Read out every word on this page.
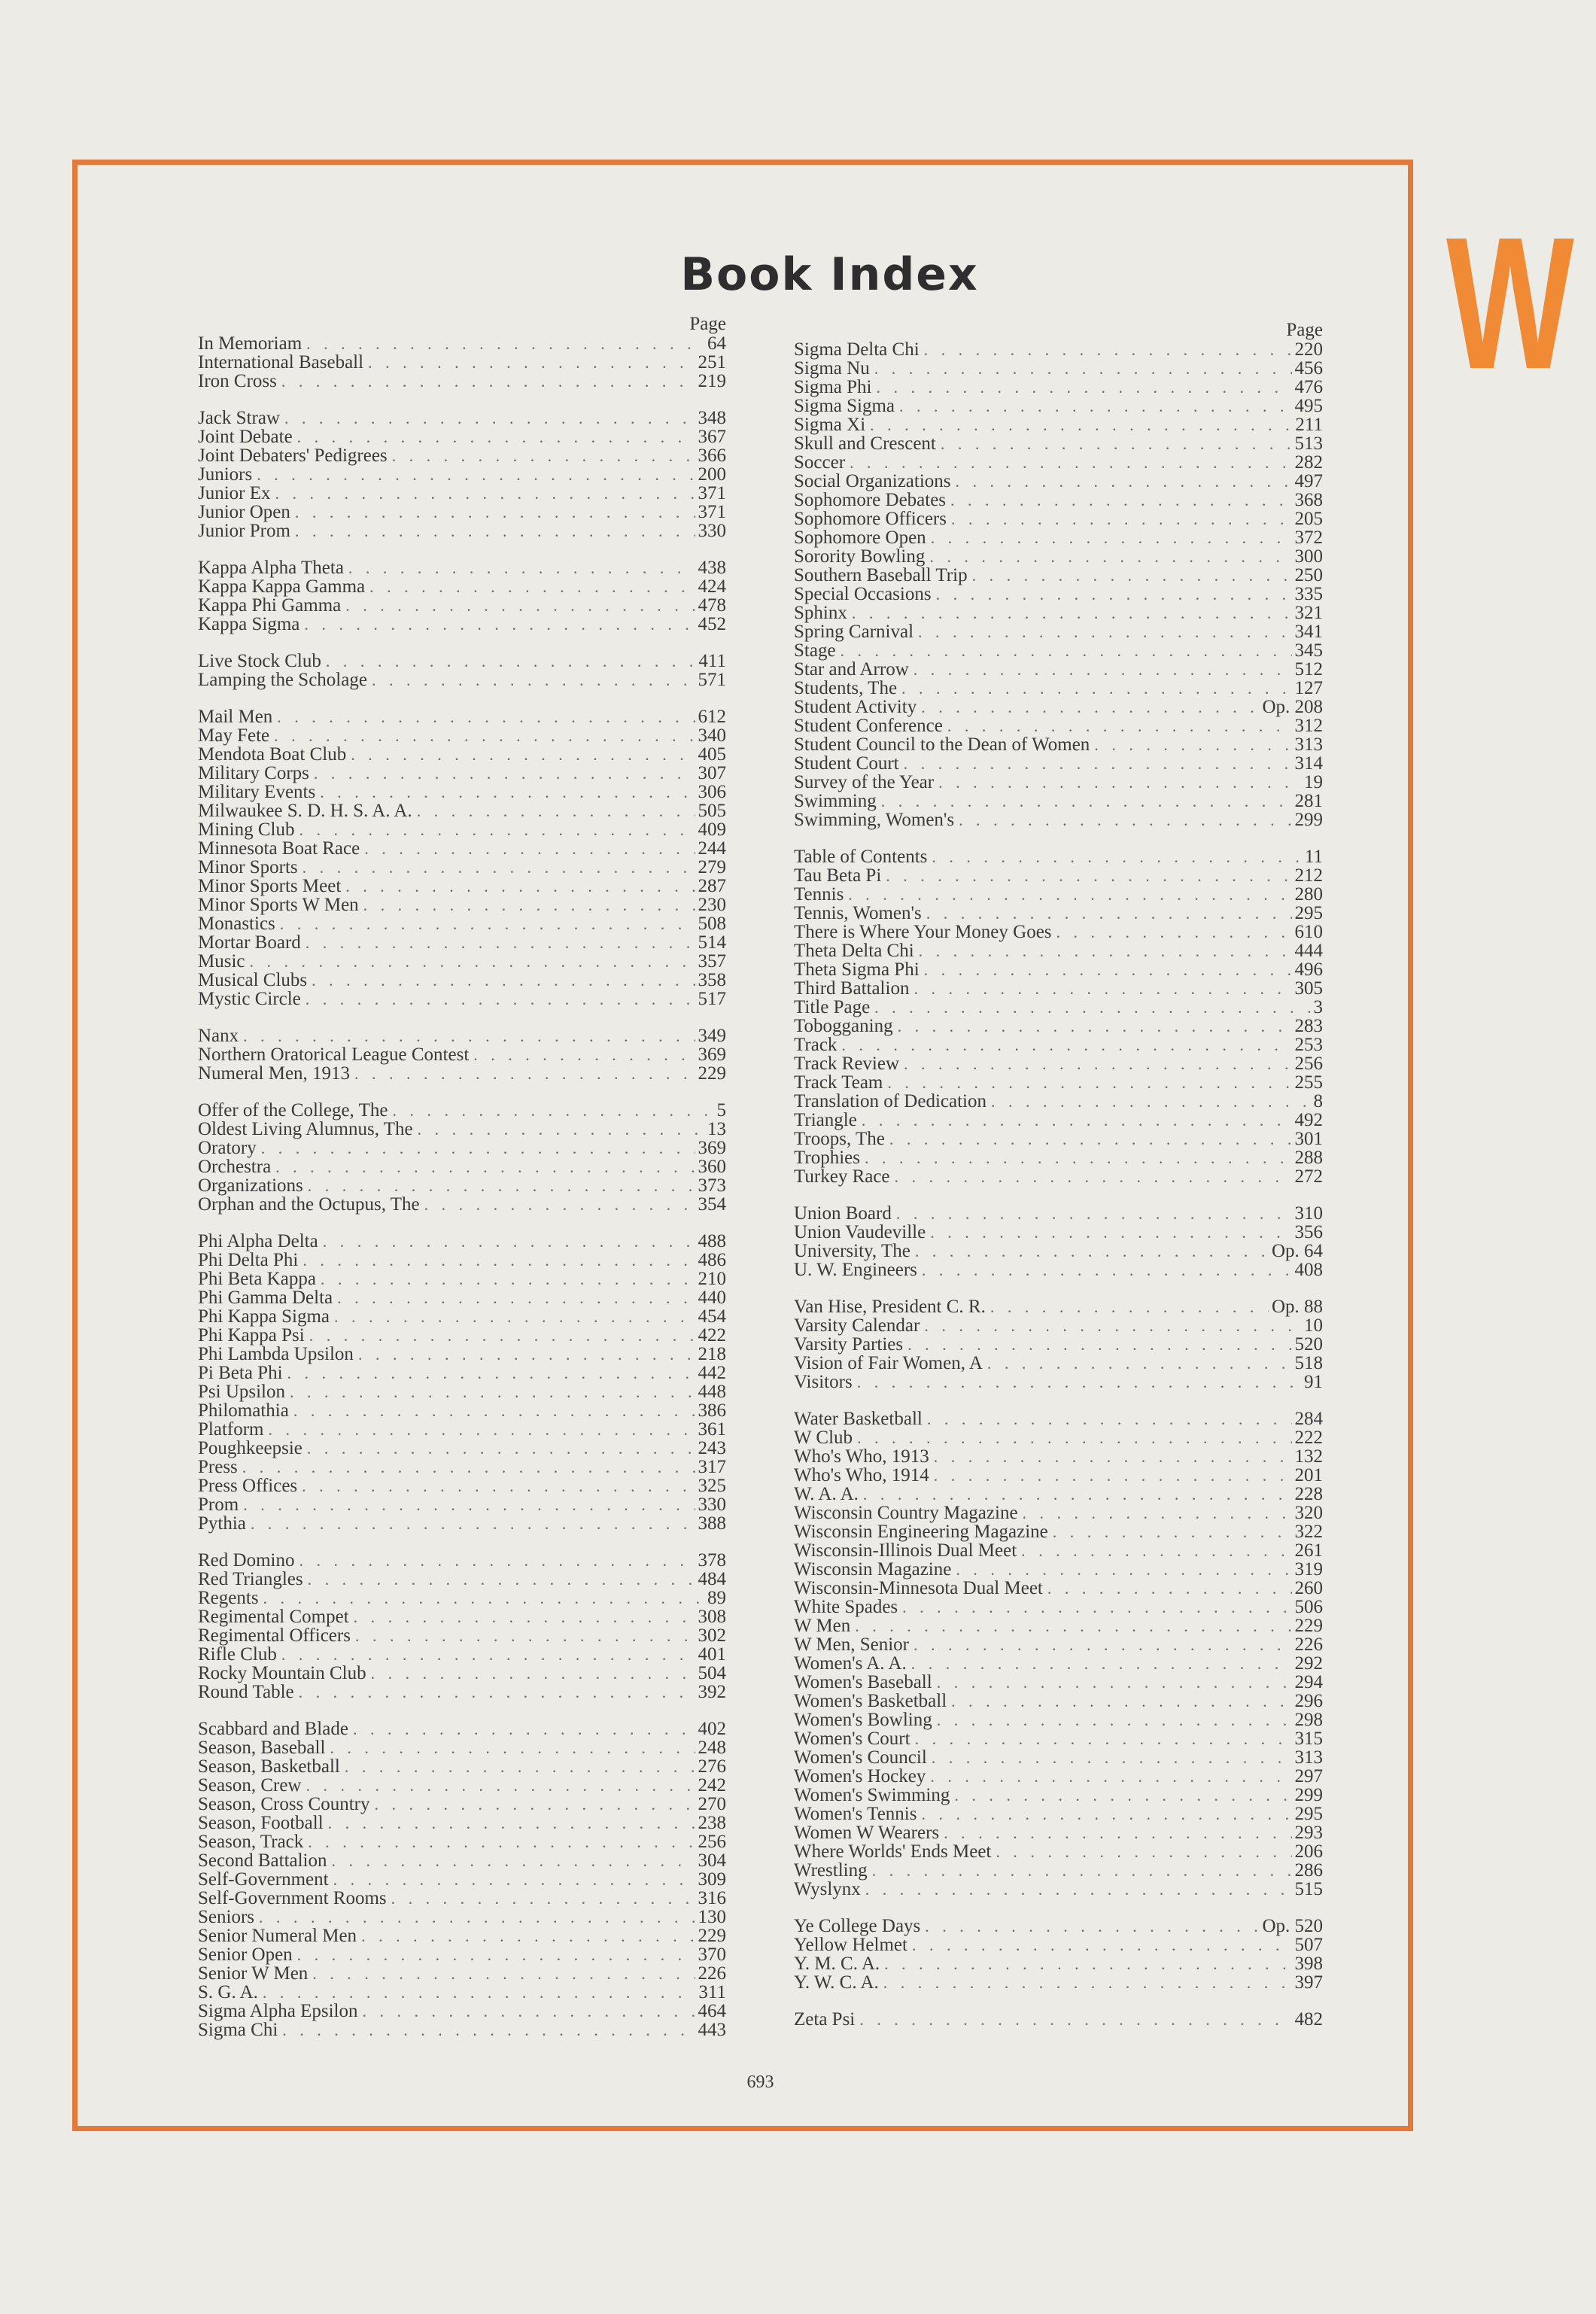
W
Book Index
Page
In Memoriam . . .	64
International Baseball . . .	251
Iron Cross . . .	219
Jack Straw . . .	348
Joint Debate . . .	367
Joint Debaters' Pedigrees . . .	366
Juniors . . .	200
Junior Ex . . .	371
Junior Open . . .	371
Junior Prom . . .	330
Kappa Alpha Theta . . .	438
Kappa Kappa Gamma . . .	424
Kappa Phi Gamma . . .	478
Kappa Sigma . . .	452
Live Stock Club . . .	411
Lamping the Scholage . . .	571
Mail Men . . .	612
May Fete . . .	340
Mendota Boat Club . . .	405
Military Corps . . .	307
Military Events . . .	306
Milwaukee S. D. H. S. A. A. . . .	505
Mining Club . . .	409
Minnesota Boat Race . . .	244
Minor Sports . . .	279
Minor Sports Meet . . .	287
Minor Sports W Men . . .	230
Monastics . . .	508
Mortar Board . . .	514
Music . . .	357
Musical Clubs . . .	358
Mystic Circle . . .	517
Nanx . . .	349
Northern Oratorical League Contest . . .	369
Numeral Men, 1913 . . .	229
Offer of the College, The . . .	5
Oldest Living Alumnus, The . . .	13
Oratory . . .	369
Orchestra . . .	360
Organizations . . .	373
Orphan and the Octupus, The . . .	354
Phi Alpha Delta . . .	488
Phi Delta Phi . . .	486
Phi Beta Kappa . . .	210
Phi Gamma Delta . . .	440
Phi Kappa Sigma . . .	454
Phi Kappa Psi . . .	422
Phi Lambda Upsilon . . .	218
Pi Beta Phi . . .	442
Psi Upsilon . . .	448
Philomathia . . .	386
Platform . . .	361
Poughkeepsie . . .	243
Press . . .	317
Press Offices . . .	325
Prom . . .	330
Pythia . . .	388
Red Domino . . .	378
Red Triangles . . .	484
Regents . . .	89
Regimental Compet . . .	308
Regimental Officers . . .	302
Rifle Club . . .	401
Rocky Mountain Club . . .	504
Round Table . . .	392
Scabbard and Blade . . .	402
Season, Baseball . . .	248
Season, Basketball . . .	276
Season, Crew . . .	242
Season, Cross Country . . .	270
Season, Football . . .	238
Season, Track . . .	256
Second Battalion . . .	304
Self-Government . . .	309
Self-Government Rooms . . .	316
Seniors . . .	130
Senior Numeral Men . . .	229
Senior Open . . .	370
Senior W Men . . .	226
S. G. A. . . .	311
Sigma Alpha Epsilon . . .	464
Sigma Chi . . .	443
Page
Sigma Delta Chi . . .	220
Sigma Nu . . .	456
Sigma Phi . . .	476
Sigma Sigma . . .	495
Sigma Xi . . .	211
Skull and Crescent . . .	513
Soccer . . .	282
Social Organizations . . .	497
Sophomore Debates . . .	368
Sophomore Officers . . .	205
Sophomore Open . . .	372
Sorority Bowling . . .	300
Southern Baseball Trip . . .	250
Special Occasions . . .	335
Sphinx . . .	321
Spring Carnival . . .	341
Stage . . .	345
Star and Arrow . . .	512
Students, The . . .	127
Student Activity . . .	Op. 208
Student Conference . . .	312
Student Council to the Dean of Women . . .	313
Student Court . . .	314
Survey of the Year . . .	19
Swimming . . .	281
Swimming, Women's . . .	299
Table of Contents . . .	11
Tau Beta Pi . . .	212
Tennis . . .	280
Tennis, Women's . . .	295
There is Where Your Money Goes . . .	610
Theta Delta Chi . . .	444
Theta Sigma Phi . . .	496
Third Battalion . . .	305
Title Page . . .	3
Tobogganing . . .	283
Track . . .	253
Track Review . . .	256
Track Team . . .	255
Translation of Dedication . . .	8
Triangle . . .	492
Troops, The . . .	301
Trophies . . .	288
Turkey Race . . .	272
Union Board . . .	310
Union Vaudeville . . .	356
University, The . . .	Op. 64
U. W. Engineers . . .	408
Van Hise, President C. R. . . .	Op. 88
Varsity Calendar . . .	10
Varsity Parties . . .	520
Vision of Fair Women, A . . .	518
Visitors . . .	91
Water Basketball . . .	284
W Club . . .	222
Who's Who, 1913 . . .	132
Who's Who, 1914 . . .	201
W. A. A. . . .	228
Wisconsin Country Magazine . . .	320
Wisconsin Engineering Magazine . . .	322
Wisconsin-Illinois Dual Meet . . .	261
Wisconsin Magazine . . .	319
Wisconsin-Minnesota Dual Meet . . .	260
White Spades . . .	506
W Men . . .	229
W Men, Senior . . .	226
Women's A. A. . . .	292
Women's Baseball . . .	294
Women's Basketball . . .	296
Women's Bowling . . .	298
Women's Court . . .	315
Women's Council . . .	313
Women's Hockey . . .	297
Women's Swimming . . .	299
Women's Tennis . . .	295
Women W Wearers . . .	293
Where Worlds' Ends Meet . . .	206
Wrestling . . .	286
Wyslynx . . .	515
Ye College Days . . .	Op. 520
Yellow Helmet . . .	507
Y. M. C. A. . . .	398
Y. W. C. A. . . .	397
Zeta Psi . . .	482
693
